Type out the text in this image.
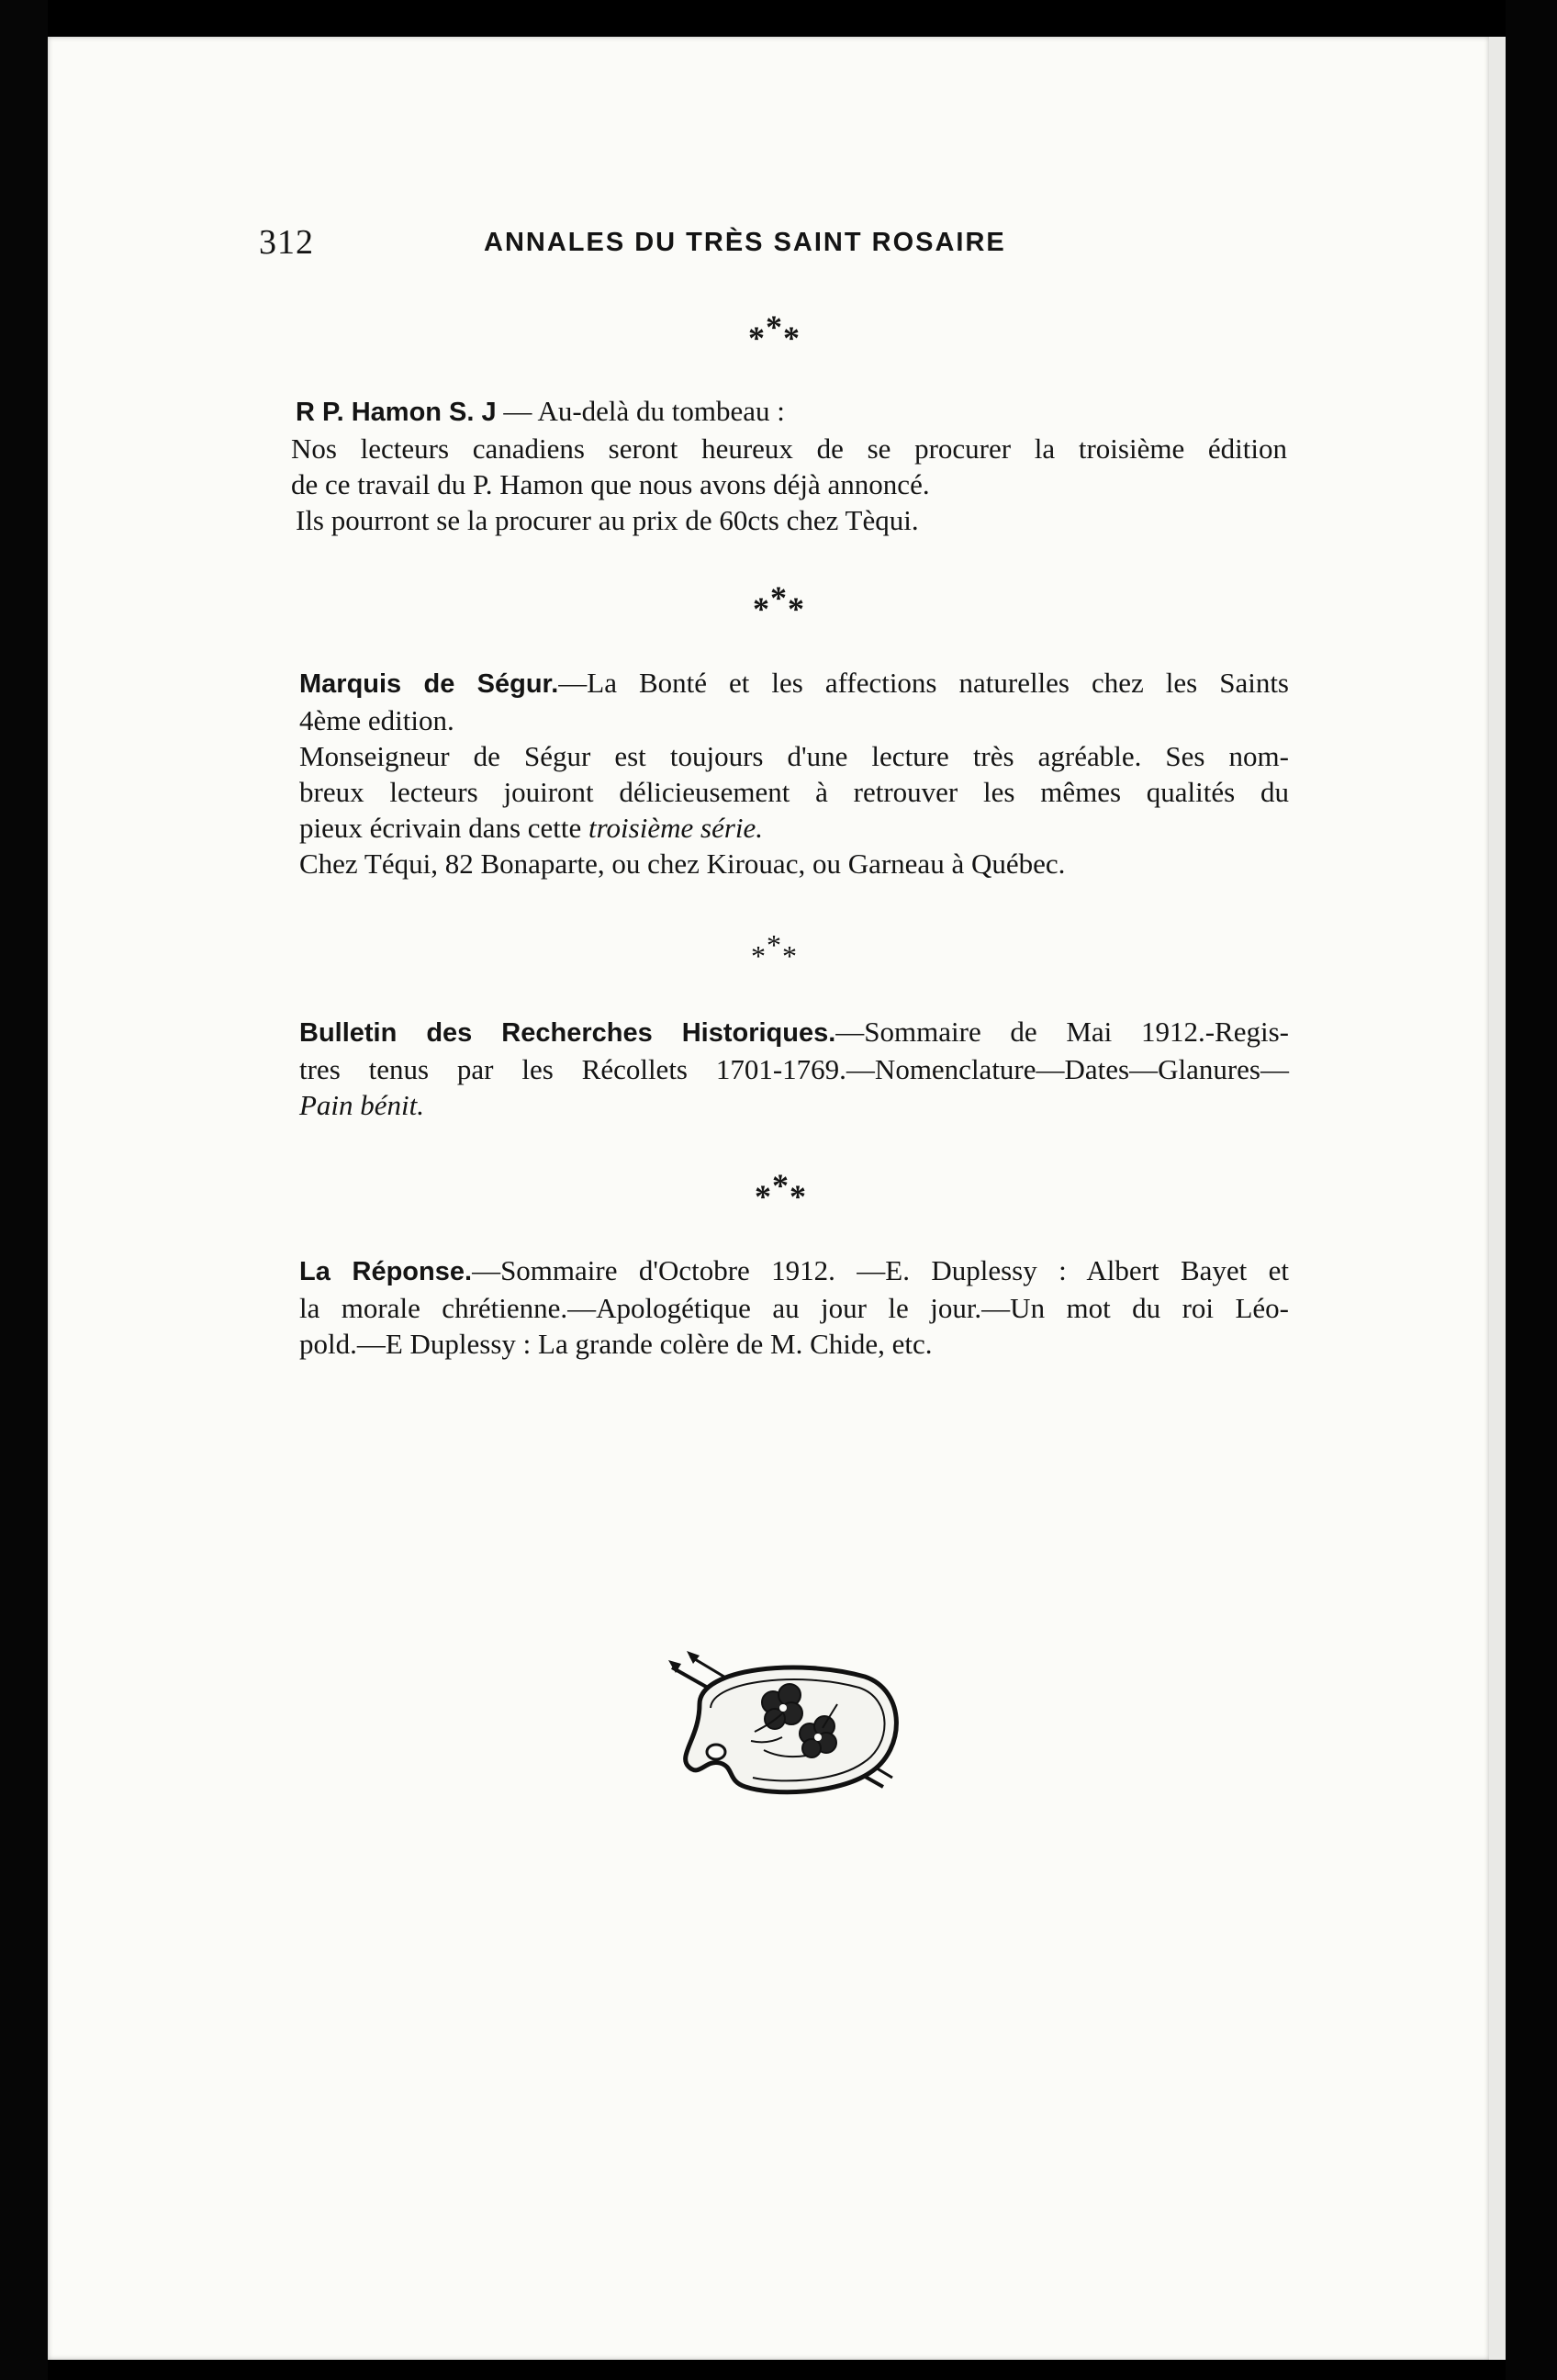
312	ANNALES DU TRÈS SAINT ROSAIRE
***
R P. Hamon S. J — Au-delà du tombeau :
Nos lecteurs canadiens seront heureux de se procurer la troisième édition
de ce travail du P. Hamon que nous avons déjà annoncé.
Ils pourront se la procurer au prix de 60cts chez Tèqui.
***
Marquis de Ségur.—La Bonté et les affections naturelles chez les Saints
4ème edition.
Monseigneur de Ségur est toujours d'une lecture très agréable. Ses nom-
breux lecteurs jouiront délicieusement à retrouver les mêmes qualités du
pieux écrivain dans cette troisième série.
Chez Téqui, 82 Bonaparte, ou chez Kirouac, ou Garneau à Québec.
***
Bulletin des Recherches Historiques.—Sommaire de Mai 1912.-Regis-
tres tenus par les Récollets 1701-1769.—Nomenclature—Dates—Glanures—
Pain bénit.
***
La Réponse.—Sommaire d'Octobre 1912. —E. Duplessy : Albert Bayet et
la morale chrétienne.—Apologétique au jour le jour.—Un mot du roi Léo-
pold.—E Duplessy : La grande colère de M. Chide, etc.
